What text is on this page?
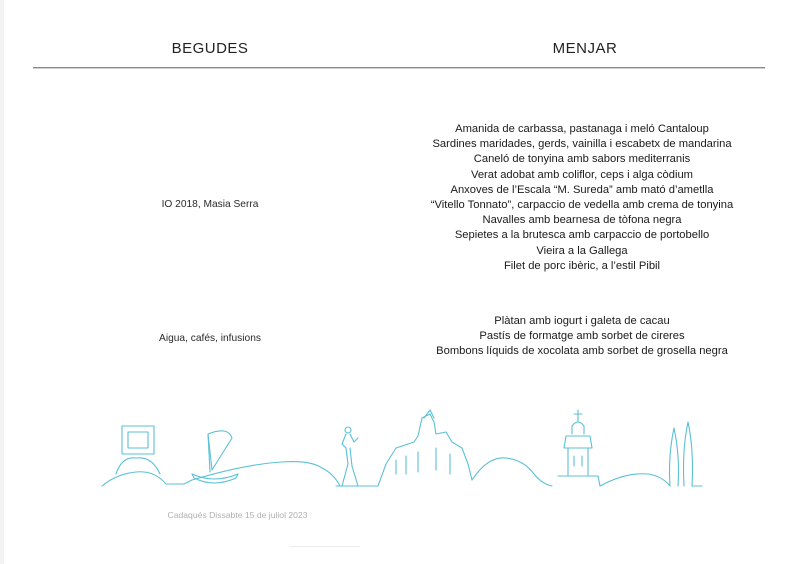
BEGUDES	MENJAR
Amanida de carbassa, pastanaga i meló Cantaloup
Sardines maridades, gerds, vainilla i escabetx de mandarina
Caneló de tonyina amb sabors mediterranis
Verat adobat amb coliflor, ceps i alga còdium
Anxoves de l’Escala “M. Sureda” amb mató d’ametlla
“Vitello Tonnato”, carpaccio de vedella amb crema de tonyina
Navalles amb bearnesa de tòfona negra
Sepietes a la brutesca amb carpaccio de portobello
Vieira a la Gallega
Filet de porc ibèric, a l’estil Pibil
IO 2018, Masia Serra
Plàtan amb iogurt i galeta de cacau
Pastís de formatge amb sorbet de cireres
Bombons líquids de xocolata amb sorbet de grosella negra
Aigua, cafés, infusions
Cadaqués Dissabte 15 de juliol 2023
